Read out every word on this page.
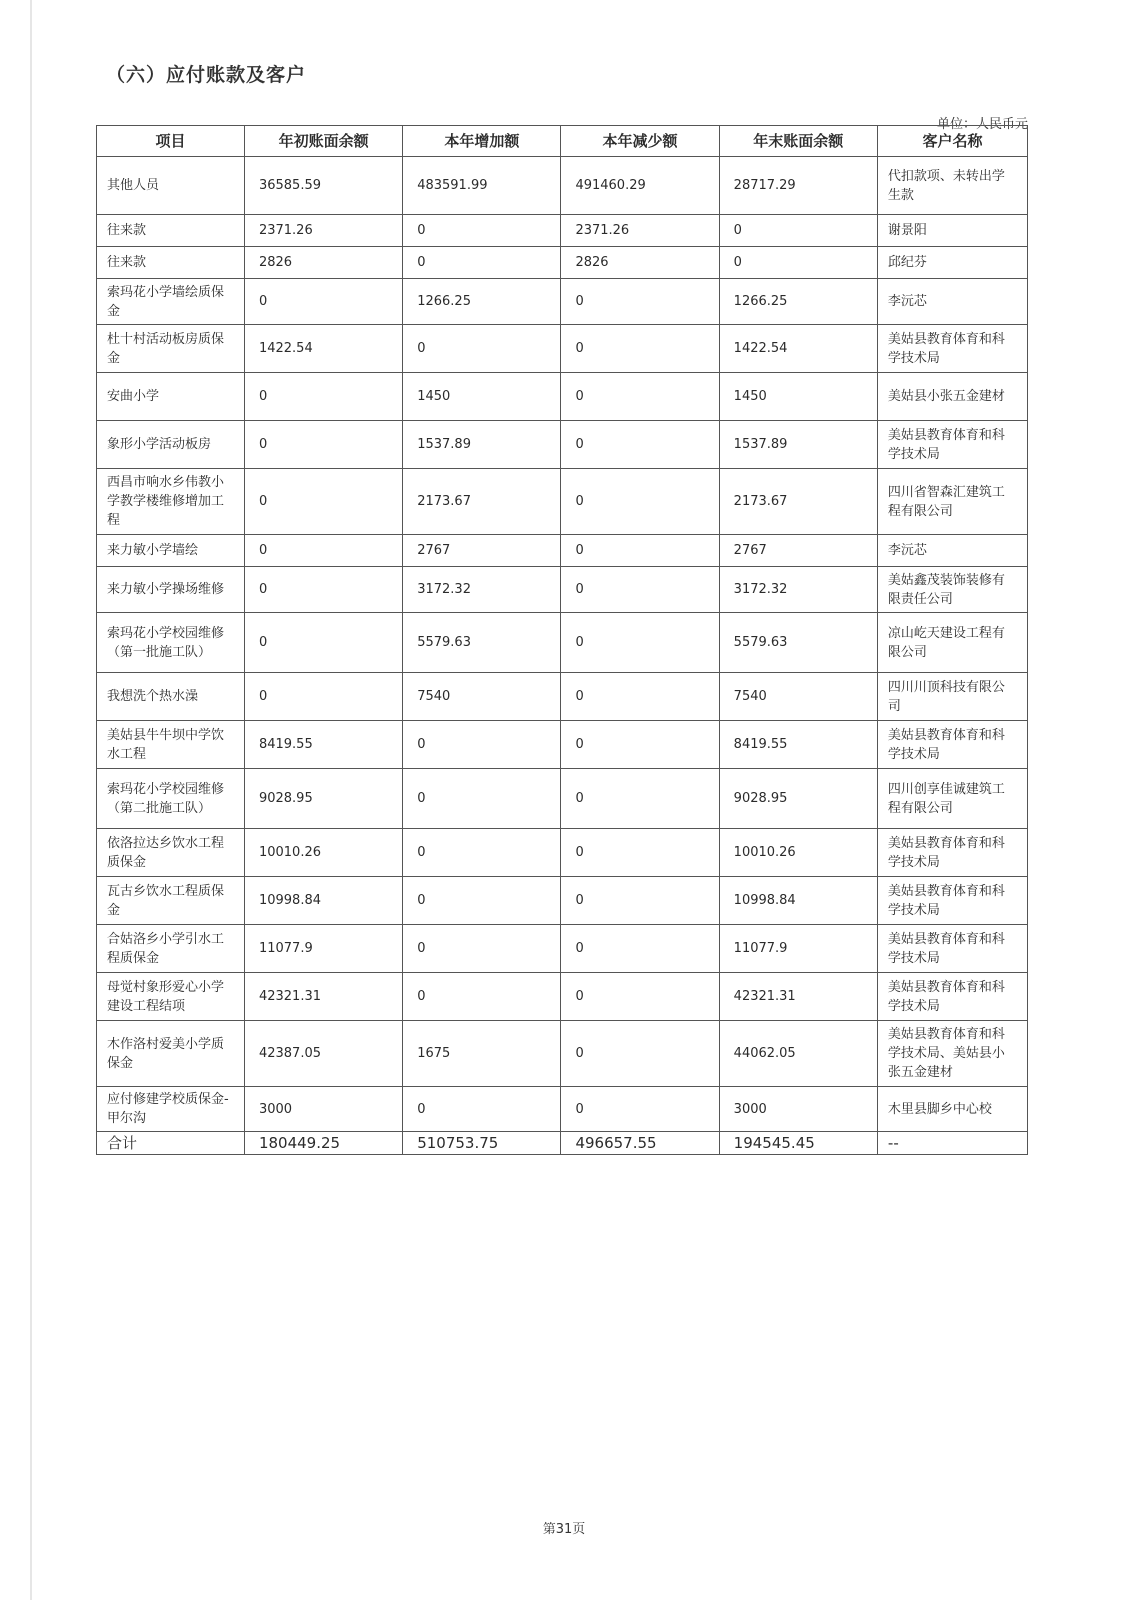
（六）应付账款及客户
单位：人民币元
项目	年初账面余额	本年增加额	本年减少额	年末账面余额	客户名称
其他人员	36585.59	483591.99	491460.29	28717.29	代扣款项、未转出学生款
往来款	2371.26	0	2371.26	0	谢景阳
往来款	2826	0	2826	0	邱纪芬
索玛花小学墙绘质保金	0	1266.25	0	1266.25	李沅芯
杜十村活动板房质保金	1422.54	0	0	1422.54	美姑县教育体育和科学技术局
安曲小学	0	1450	0	1450	美姑县小张五金建材
象形小学活动板房	0	1537.89	0	1537.89	美姑县教育体育和科学技术局
西昌市响水乡伟教小学教学楼维修增加工程	0	2173.67	0	2173.67	四川省智森汇建筑工程有限公司
来力敏小学墙绘	0	2767	0	2767	李沅芯
来力敏小学操场维修	0	3172.32	0	3172.32	美姑鑫茂装饰装修有限责任公司
索玛花小学校园维修（第一批施工队）	0	5579.63	0	5579.63	凉山屹天建设工程有限公司
我想洗个热水澡	0	7540	0	7540	四川川顶科技有限公司
美姑县牛牛坝中学饮水工程	8419.55	0	0	8419.55	美姑县教育体育和科学技术局
索玛花小学校园维修（第二批施工队）	9028.95	0	0	9028.95	四川创享佳诚建筑工程有限公司
依洛拉达乡饮水工程质保金	10010.26	0	0	10010.26	美姑县教育体育和科学技术局
瓦古乡饮水工程质保金	10998.84	0	0	10998.84	美姑县教育体育和科学技术局
合姑洛乡小学引水工程质保金	11077.9	0	0	11077.9	美姑县教育体育和科学技术局
母觉村象形爱心小学建设工程结项	42321.31	0	0	42321.31	美姑县教育体育和科学技术局
木作洛村爱美小学质保金	42387.05	1675	0	44062.05	美姑县教育体育和科学技术局、美姑县小张五金建材
应付修建学校质保金-甲尔沟	3000	0	0	3000	木里县脚乡中心校
合计	180449.25	510753.75	496657.55	194545.45	--
第31页
